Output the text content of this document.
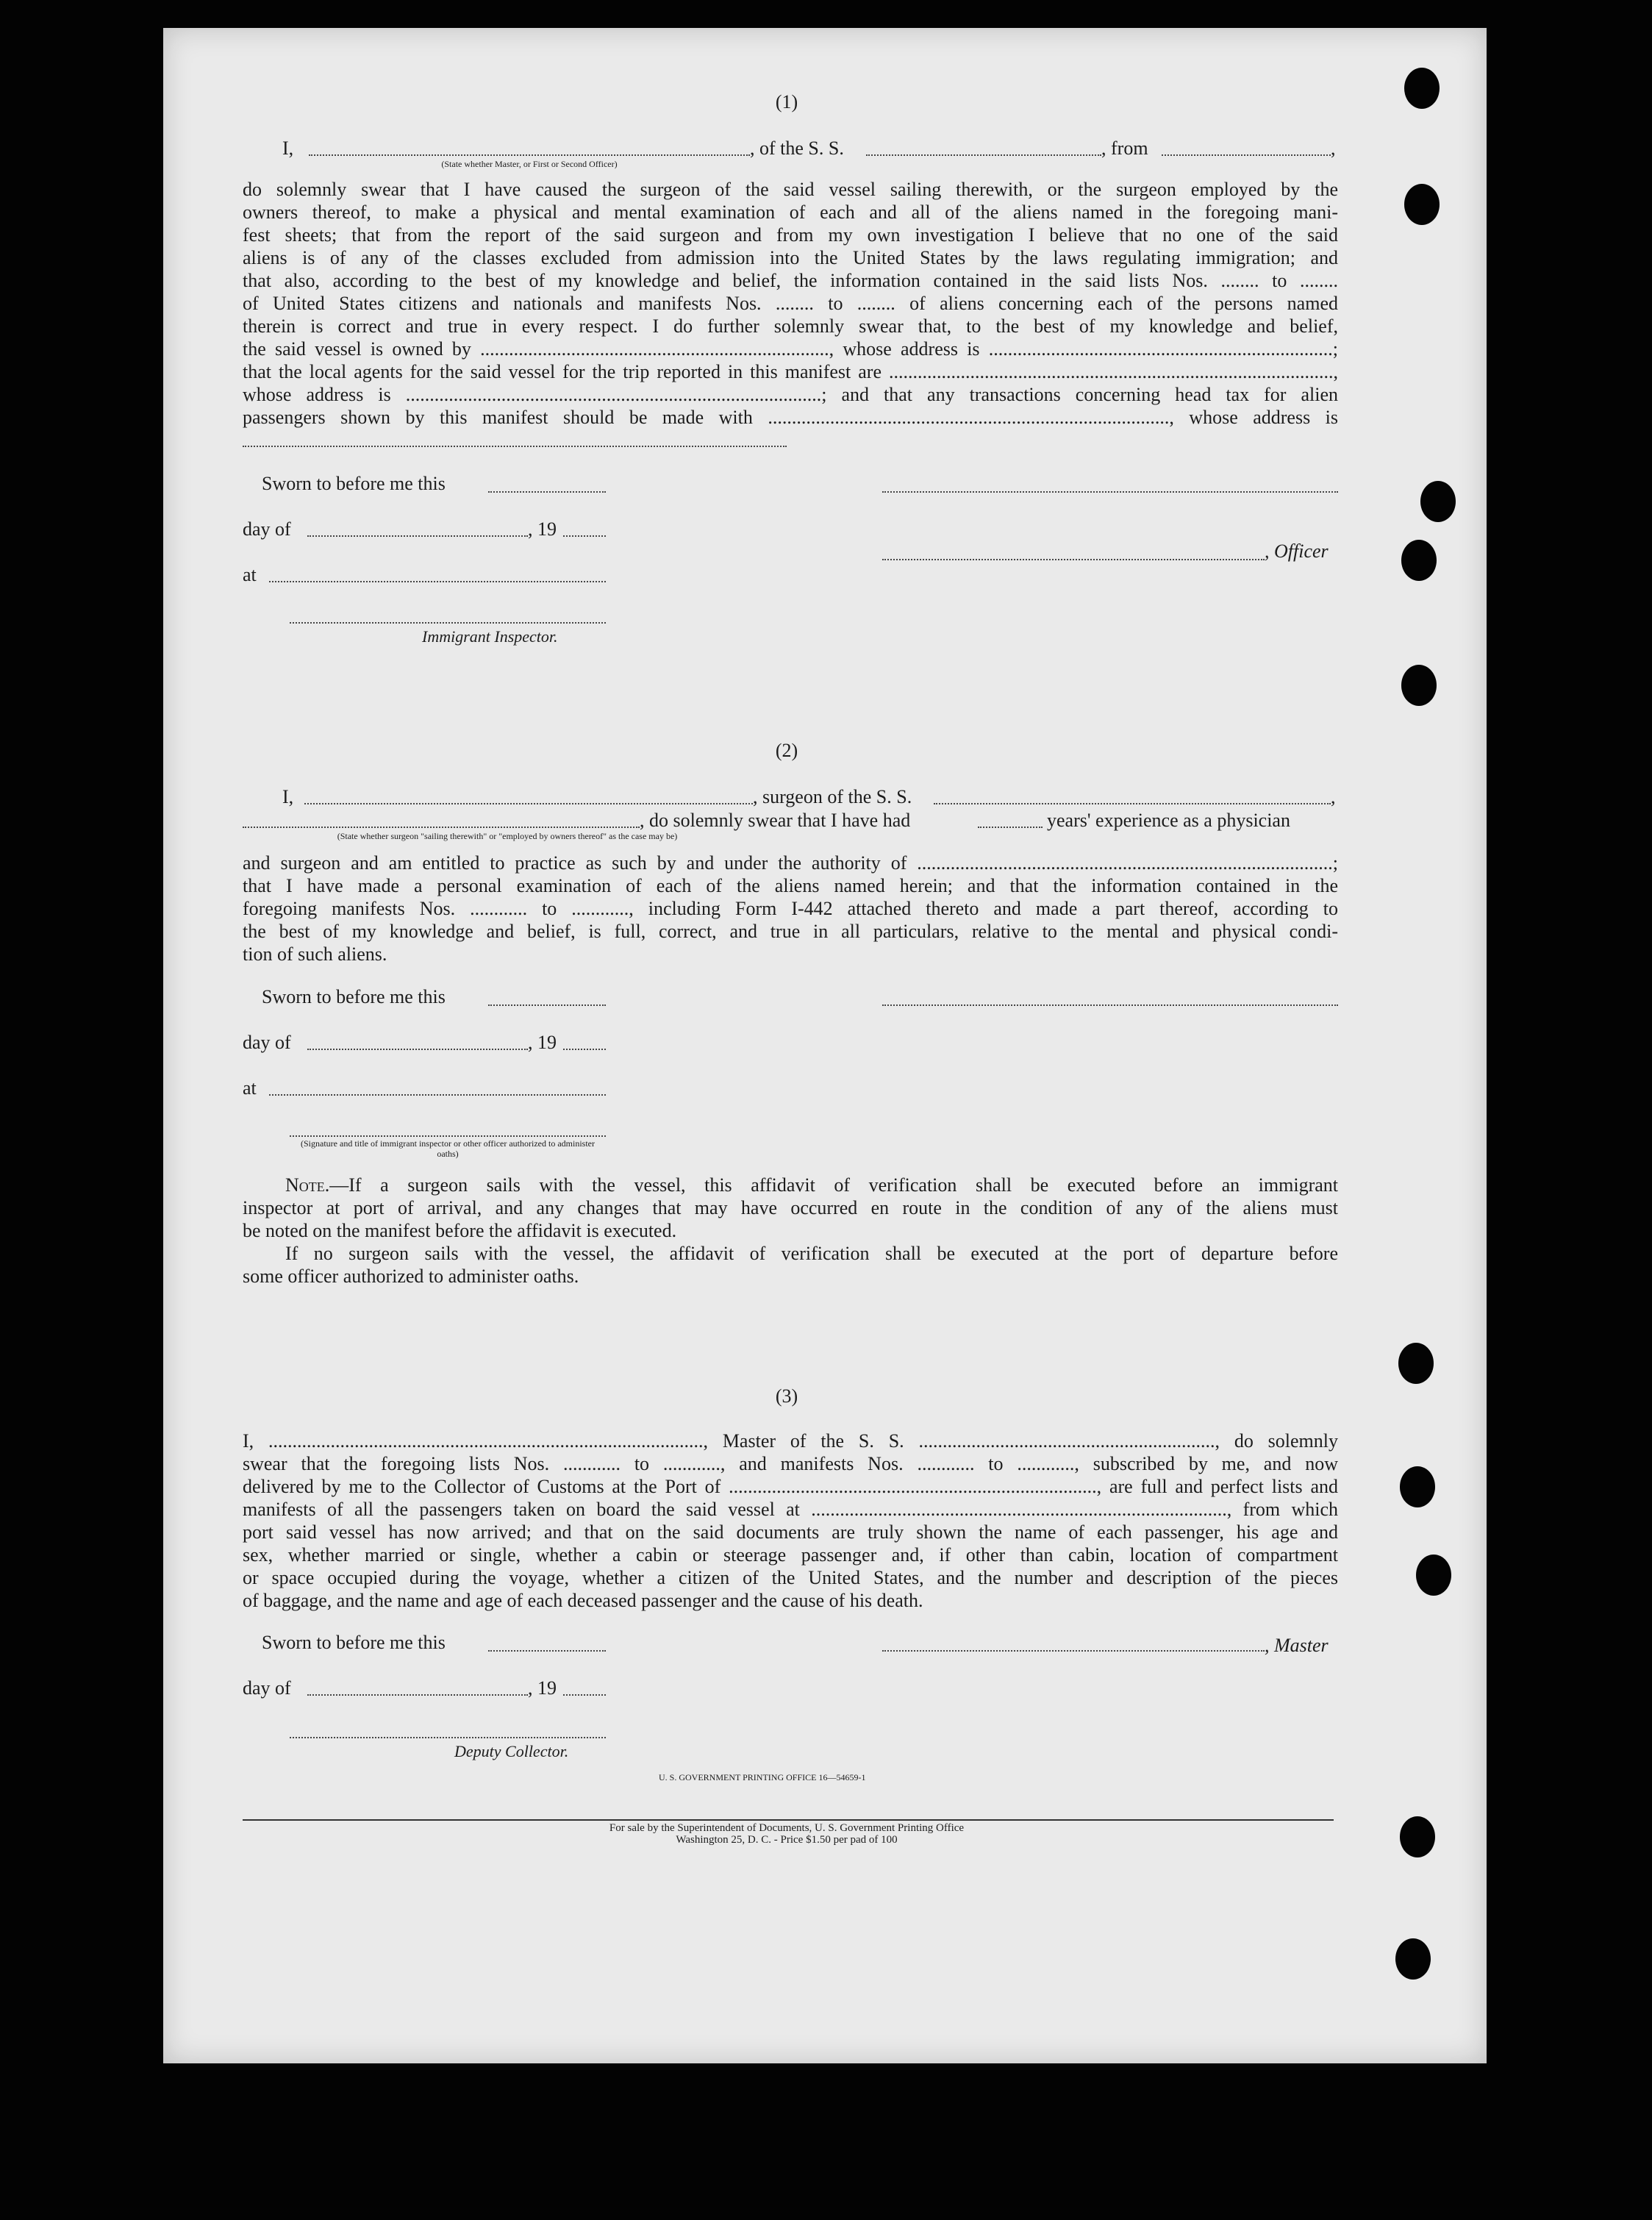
(1)
I,	, of the S. S.	, from	,
(State whether Master, or First or Second Officer)
do solemnly swear that I have caused the surgeon of the said vessel sailing therewith, or the surgeon employed by the
owners thereof, to make a physical and mental examination of each and all of the aliens named in the foregoing mani-
fest sheets; that from the report of the said surgeon and from my own investigation I believe that no one of the said
aliens is of any of the classes excluded from admission into the United States by the laws regulating immigration; and
that also, according to the best of my knowledge and belief, the information contained in the said lists Nos. ........ to ........
of United States citizens and nationals and manifests Nos. ........ to ........ of aliens concerning each of the persons named
therein is correct and true in every respect. I do further solemnly swear that, to the best of my knowledge and belief,
the said vessel is owned by ........................................................................., whose address is ........................................................................;
that the local agents for the said vessel for the trip reported in this manifest are .............................................................................................,
whose address is .......................................................................................; and that any transactions concerning head tax for alien
passengers shown by this manifest should be made with ...................................................................................., whose address is
Sworn to before me this
day of	, 19
, Officer
at
Immigrant Inspector.
(2)
I,	, surgeon of the S. S.	,
, do solemnly swear that I have had	years' experience as a physician
(State whether surgeon "sailing therewith" or "employed by owners thereof" as the case may be)
and surgeon and am entitled to practice as such by and under the authority of .......................................................................................;
that I have made a personal examination of each of the aliens named herein; and that the information contained in the
foregoing manifests Nos. ............ to ............, including Form I-442 attached thereto and made a part thereof, according to
the best of my knowledge and belief, is full, correct, and true in all particulars, relative to the mental and physical condi-
tion of such aliens.
Sworn to before me this
day of	, 19
at
(Signature and title of immigrant inspector or other officer authorized to administer oaths)
Note.—If a surgeon sails with the vessel, this affidavit of verification shall be executed before an immigrant
inspector at port of arrival, and any changes that may have occurred en route in the condition of any of the aliens must
be noted on the manifest before the affidavit is executed.
If no surgeon sails with the vessel, the affidavit of verification shall be executed at the port of departure before
some officer authorized to administer oaths.
(3)
I, ..........................................................................................., Master of the S. S. .............................................................., do solemnly
swear that the foregoing lists Nos. ............ to ............, and manifests Nos. ............ to ............, subscribed by me, and now
delivered by me to the Collector of Customs at the Port of ............................................................................., are full and perfect lists and
manifests of all the passengers taken on board the said vessel at ......................................................................................., from which
port said vessel has now arrived; and that on the said documents are truly shown the name of each passenger, his age and
sex, whether married or single, whether a cabin or steerage passenger and, if other than cabin, location of compartment
or space occupied during the voyage, whether a citizen of the United States, and the number and description of the pieces
of baggage, and the name and age of each deceased passenger and the cause of his death.
Sworn to before me this	, Master
day of	, 19
Deputy Collector.
U. S. GOVERNMENT PRINTING OFFICE 16—54659-1
For sale by the Superintendent of Documents, U. S. Government Printing Office
Washington 25, D. C. - Price $1.50 per pad of 100
